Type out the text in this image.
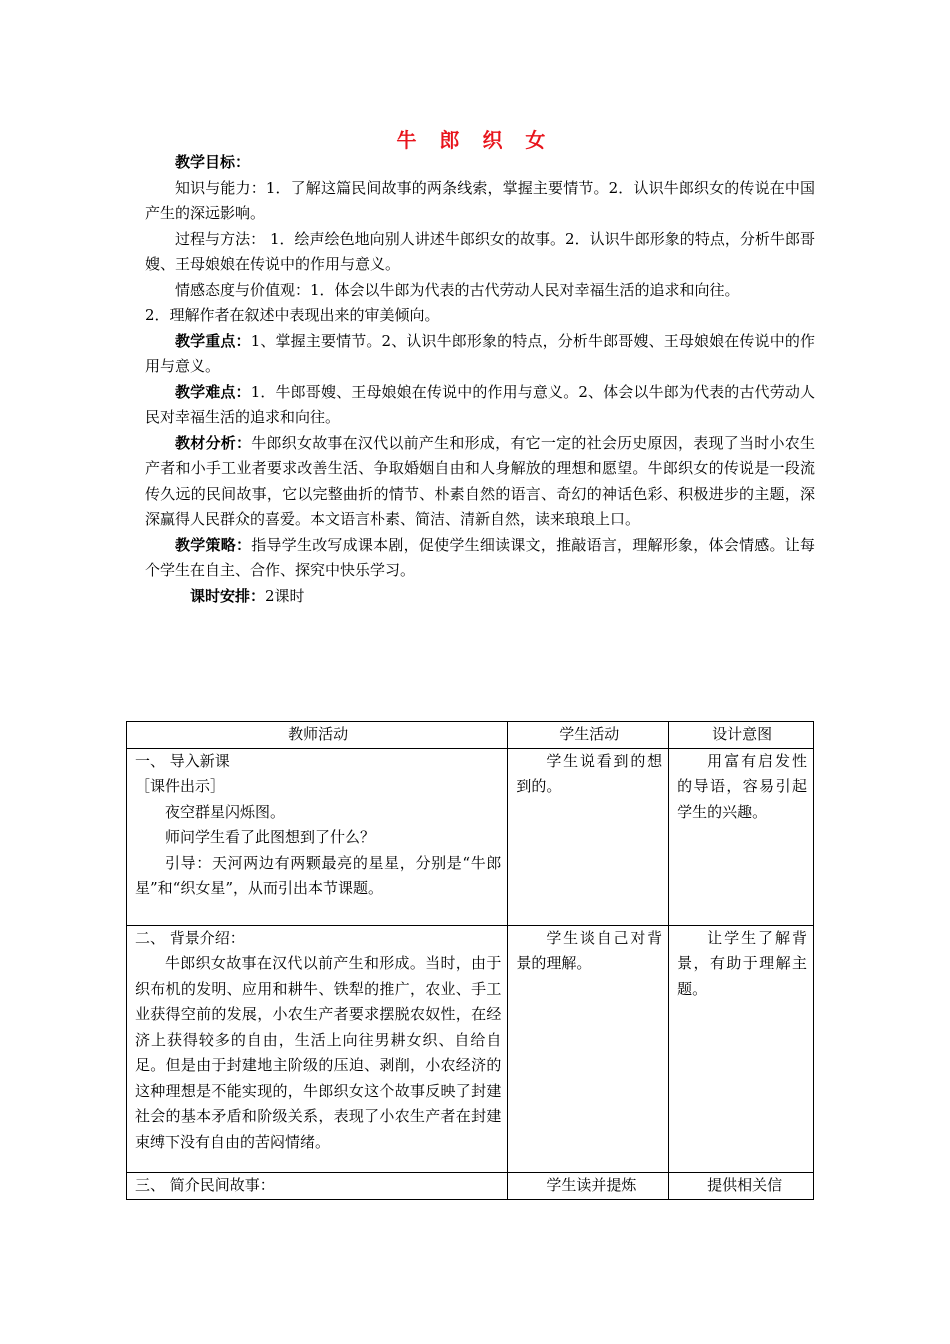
牛 郎 织 女

教学目标：

知识与能力：1．了解这篇民间故事的两条线索，掌握主要情节。2．认识牛郎织女的传说在中国产生的深远影响。

过程与方法： 1．绘声绘色地向别人讲述牛郎织女的故事。2．认识牛郎形象的特点，分析牛郎哥嫂、王母娘娘在传说中的作用与意义。

情感态度与价值观：1．体会以牛郎为代表的古代劳动人民对幸福生活的追求和向往。

2．理解作者在叙述中表现出来的审美倾向。

教学重点：1、掌握主要情节。2、认识牛郎形象的特点，分析牛郎哥嫂、王母娘娘在传说中的作用与意义。

教学难点：1．牛郎哥嫂、王母娘娘在传说中的作用与意义。2、体会以牛郎为代表的古代劳动人民对幸福生活的追求和向往。

教材分析：牛郎织女故事在汉代以前产生和形成，有它一定的社会历史原因，表现了当时小农生产者和小手工业者要求改善生活、争取婚姻自由和人身解放的理想和愿望。牛郎织女的传说是一段流传久远的民间故事，它以完整曲折的情节、朴素自然的语言、奇幻的神话色彩、积极进步的主题，深深赢得人民群众的喜爱。本文语言朴素、简洁、清新自然，读来琅琅上口。

教学策略：指导学生改写成课本剧，促使学生细读课文，推敲语言，理解形象，体会情感。让每个学生在自主、合作、探究中快乐学习。

课时安排：2课时

教师活动	学生活动	设计意图

一、 导入新课

［课件出示］

夜空群星闪烁图。

师问学生看了此图想到了什么？

引导：天河两边有两颗最亮的星星，分别是“牛郎星”和“织女星”，从而引出本节课题。	学生说看到的想到的。	用富有启发性的导语，容易引起学生的兴趣。

二、 背景介绍：

牛郎织女故事在汉代以前产生和形成。当时，由于织布机的发明、应用和耕牛、铁犁的推广，农业、手工业获得空前的发展，小农生产者要求摆脱农奴性，在经济上获得较多的自由，生活上向往男耕女织、自给自足。但是由于封建地主阶级的压迫、剥削，小农经济的这种理想是不能实现的，牛郎织女这个故事反映了封建社会的基本矛盾和阶级关系，表现了小农生产者在封建束缚下没有自由的苦闷情绪。	学生谈自己对背景的理解。	让学生了解背景，有助于理解主题。

三、 简介民间故事：	学生读并提炼	提供相关信
